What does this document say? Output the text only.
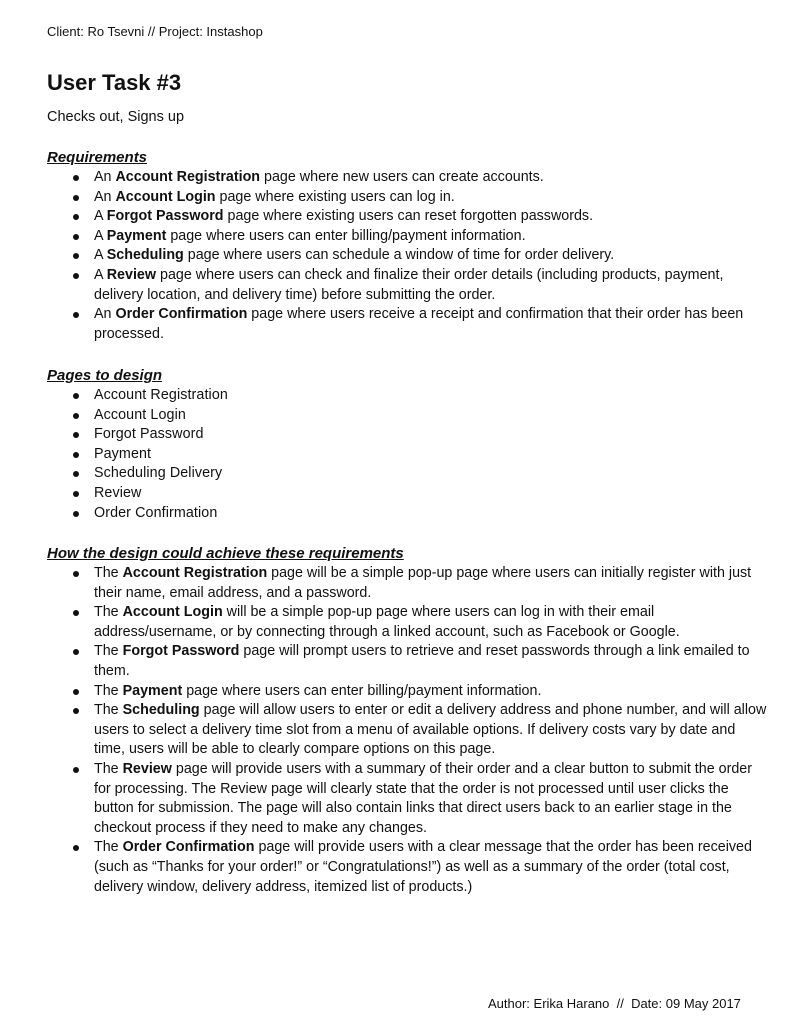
Client: Ro Tsevni // Project: Instashop
User Task #3
Checks out, Signs up
Requirements
An Account Registration page where new users can create accounts.
An Account Login page where existing users can log in.
A Forgot Password page where existing users can reset forgotten passwords.
A Payment page where users can enter billing/payment information.
A Scheduling page where users can schedule a window of time for order delivery.
A Review page where users can check and finalize their order details (including products, payment, delivery location, and delivery time) before submitting the order.
An Order Confirmation page where users receive a receipt and confirmation that their order has been processed.
Pages to design
Account Registration
Account Login
Forgot Password
Payment
Scheduling Delivery
Review
Order Confirmation
How the design could achieve these requirements
The Account Registration page will be a simple pop-up page where users can initially register with just their name, email address, and a password.
The Account Login will be a simple pop-up page where users can log in with their email address/username, or by connecting through a linked account, such as Facebook or Google.
The Forgot Password page will prompt users to retrieve and reset passwords through a link emailed to them.
The Payment page where users can enter billing/payment information.
The Scheduling page will allow users to enter or edit a delivery address and phone number, and will allow users to select a delivery time slot from a menu of available options. If delivery costs vary by date and time, users will be able to clearly compare options on this page.
The Review page will provide users with a summary of their order and a clear button to submit the order for processing. The Review page will clearly state that the order is not processed until user clicks the button for submission. The page will also contain links that direct users back to an earlier stage in the checkout process if they need to make any changes.
The Order Confirmation page will provide users with a clear message that the order has been received (such as “Thanks for your order!” or “Congratulations!”) as well as a summary of the order (total cost, delivery window, delivery address, itemized list of products.)
Author: Erika Harano  //  Date: 09 May 2017
